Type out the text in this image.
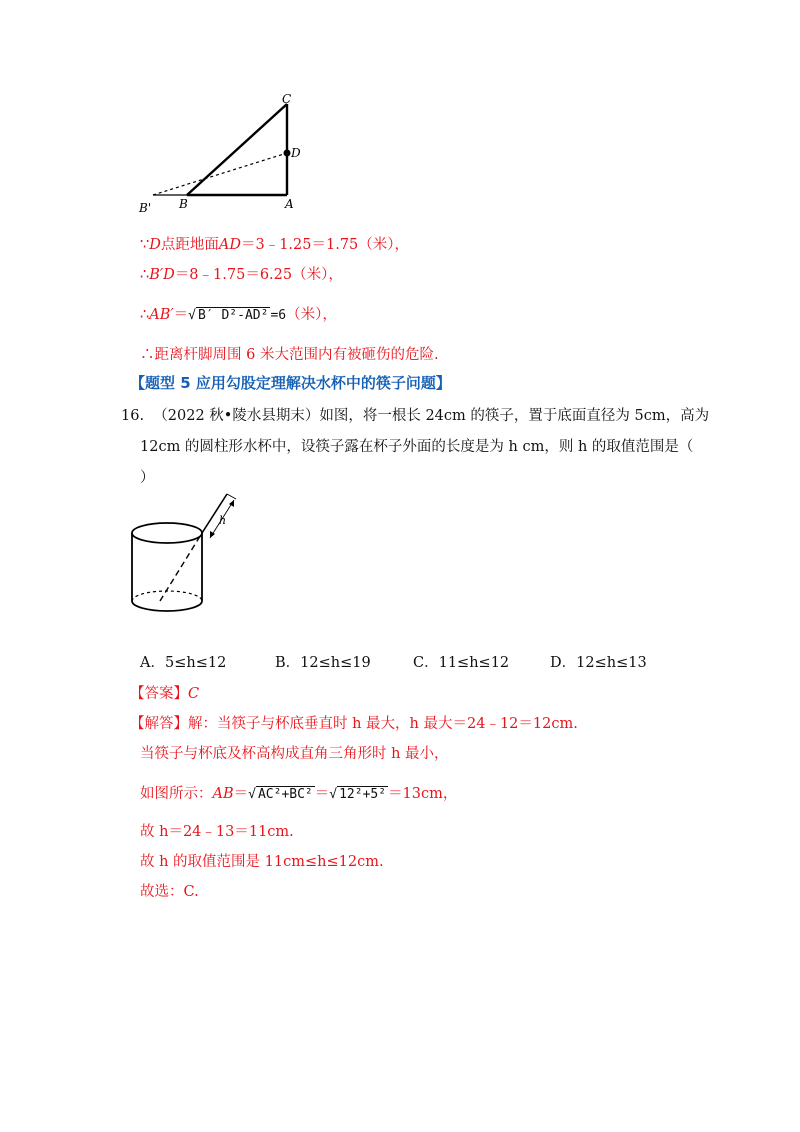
C
D
B' B	A
∵D点距地面AD＝3﹣1.25＝1.75（米），
∴B′D＝8﹣1.75＝6.25（米），
∴AB′＝√ B′ D²-AD² =6（米），
∴距离杆脚周围 6 米大范围内有被砸伤的危险.
【题型 5 应用勾股定理解决水杯中的筷子问题】
16. （2022 秋•陵水县期末）如图，将一根长 24cm 的筷子，置于底面直径为 5cm，高为
12cm 的圆柱形水杯中，设筷子露在杯子外面的长度是为 h cm，则 h 的取值范围是（
）
h
A．5≤h≤12	B．12≤h≤19	C．11≤h≤12	D．12≤h≤13
【答案】C
【解答】解：当筷子与杯底垂直时 h 最大，h 最大＝24﹣12＝12cm.
当筷子与杯底及杯高构成直角三角形时 h 最小，
如图所示：AB＝√ AC²+BC² ＝√ 12²+5² ＝13cm，
故 h＝24﹣13＝11cm.
故 h 的取值范围是 11cm≤h≤12cm.
故选：C.
